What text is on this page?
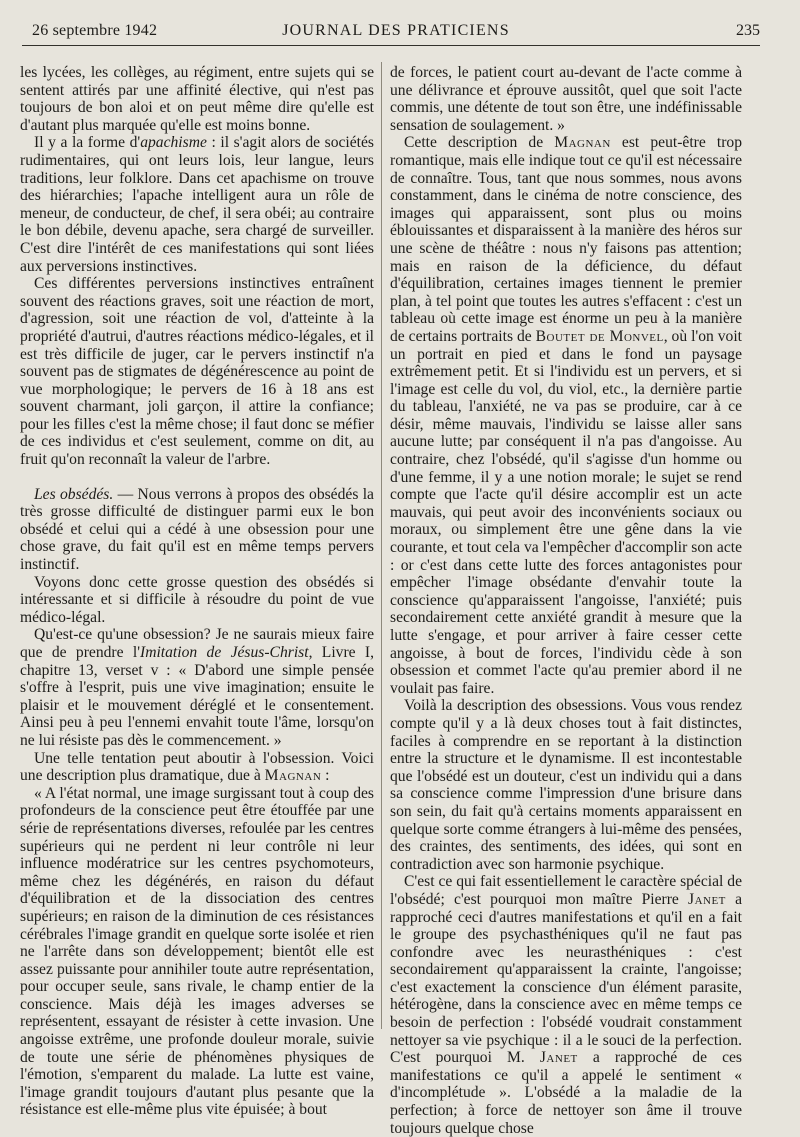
26 septembre 1942	JOURNAL DES PRATICIENS	235

les lycées, les collèges, au régiment, entre sujets qui se sentent attirés par une affinité élective, qui n'est pas toujours de bon aloi et on peut même dire qu'elle est d'autant plus marquée qu'elle est moins bonne.

Il y a la forme d'apachisme : il s'agit alors de sociétés rudimentaires, qui ont leurs lois, leur langue, leurs traditions, leur folklore. Dans cet apachisme on trouve des hiérarchies; l'apache intelligent aura un rôle de meneur, de conducteur, de chef, il sera obéi; au contraire le bon débile, devenu apache, sera chargé de surveiller. C'est dire l'intérêt de ces manifestations qui sont liées aux perversions instinctives.

Ces différentes perversions instinctives entraînent souvent des réactions graves, soit une réaction de mort, d'agression, soit une réaction de vol, d'atteinte à la propriété d'autrui, d'autres réactions médico-légales, et il est très difficile de juger, car le pervers instinctif n'a souvent pas de stigmates de dégénérescence au point de vue morphologique; le pervers de 16 à 18 ans est souvent charmant, joli garçon, il attire la confiance; pour les filles c'est la même chose; il faut donc se méfier de ces individus et c'est seulement, comme on dit, au fruit qu'on reconnaît la valeur de l'arbre.

Les obsédés. — Nous verrons à propos des obsédés la très grosse difficulté de distinguer parmi eux le bon obsédé et celui qui a cédé à une obsession pour une chose grave, du fait qu'il est en même temps pervers instinctif.

Voyons donc cette grosse question des obsédés si intéressante et si difficile à résoudre du point de vue médico-légal.

Qu'est-ce qu'une obsession? Je ne saurais mieux faire que de prendre l'Imitation de Jésus-Christ, Livre I, chapitre 13, verset v : « D'abord une simple pensée s'offre à l'esprit, puis une vive imagination; ensuite le plaisir et le mouvement déréglé et le consentement. Ainsi peu à peu l'ennemi envahit toute l'âme, lorsqu'on ne lui résiste pas dès le commencement. »

Une telle tentation peut aboutir à l'obsession. Voici une description plus dramatique, due à Magnan :

« A l'état normal, une image surgissant tout à coup des profondeurs de la conscience peut être étouffée par une série de représentations diverses, refoulée par les centres supérieurs qui ne perdent ni leur contrôle ni leur influence modératrice sur les centres psychomoteurs, même chez les dégénérés, en raison du défaut d'équilibration et de la dissociation des centres supérieurs; en raison de la diminution de ces résistances cérébrales l'image grandit en quelque sorte isolée et rien ne l'arrête dans son développement; bientôt elle est assez puissante pour annihiler toute autre représentation, pour occuper seule, sans rivale, le champ entier de la conscience. Mais déjà les images adverses se représentent, essayant de résister à cette invasion. Une angoisse extrême, une profonde douleur morale, suivie de toute une série de phénomènes physiques de l'émotion, s'emparent du malade. La lutte est vaine, l'image grandit toujours d'autant plus pesante que la résistance est elle-même plus vite épuisée; à bout

de forces, le patient court au-devant de l'acte comme à une délivrance et éprouve aussitôt, quel que soit l'acte commis, une détente de tout son être, une indéfinissable sensation de soulagement. »

Cette description de Magnan est peut-être trop romantique, mais elle indique tout ce qu'il est nécessaire de connaître. Tous, tant que nous sommes, nous avons constamment, dans le cinéma de notre conscience, des images qui apparaissent, sont plus ou moins éblouissantes et disparaissent à la manière des héros sur une scène de théâtre : nous n'y faisons pas attention; mais en raison de la déficience, du défaut d'équilibration, certaines images tiennent le premier plan, à tel point que toutes les autres s'effacent : c'est un tableau où cette image est énorme un peu à la manière de certains portraits de Boutet de Monvel, où l'on voit un portrait en pied et dans le fond un paysage extrêmement petit. Et si l'individu est un pervers, et si l'image est celle du vol, du viol, etc., la dernière partie du tableau, l'anxiété, ne va pas se produire, car à ce désir, même mauvais, l'individu se laisse aller sans aucune lutte; par conséquent il n'a pas d'angoisse. Au contraire, chez l'obsédé, qu'il s'agisse d'un homme ou d'une femme, il y a une notion morale; le sujet se rend compte que l'acte qu'il désire accomplir est un acte mauvais, qui peut avoir des inconvénients sociaux ou moraux, ou simplement être une gêne dans la vie courante, et tout cela va l'empêcher d'accomplir son acte : or c'est dans cette lutte des forces antagonistes pour empêcher l'image obsédante d'envahir toute la conscience qu'apparaissent l'angoisse, l'anxiété; puis secondairement cette anxiété grandit à mesure que la lutte s'engage, et pour arriver à faire cesser cette angoisse, à bout de forces, l'individu cède à son obsession et commet l'acte qu'au premier abord il ne voulait pas faire.

Voilà la description des obsessions. Vous vous rendez compte qu'il y a là deux choses tout à fait distinctes, faciles à comprendre en se reportant à la distinction entre la structure et le dynamisme. Il est incontestable que l'obsédé est un douteur, c'est un individu qui a dans sa conscience comme l'impression d'une brisure dans son sein, du fait qu'à certains moments apparaissent en quelque sorte comme étrangers à lui-même des pensées, des craintes, des sentiments, des idées, qui sont en contradiction avec son harmonie psychique.

C'est ce qui fait essentiellement le caractère spécial de l'obsédé; c'est pourquoi mon maître Pierre Janet a rapproché ceci d'autres manifestations et qu'il en a fait le groupe des psychasthéniques qu'il ne faut pas confondre avec les neurasthéniques : c'est secondairement qu'apparaissent la crainte, l'angoisse; c'est exactement la conscience d'un élément parasite, hétérogène, dans la conscience avec en même temps ce besoin de perfection : l'obsédé voudrait constamment nettoyer sa vie psychique : il a le souci de la perfection. C'est pourquoi M. Janet a rapproché de ces manifestations ce qu'il a appelé le sentiment « d'incomplétude ». L'obsédé a la maladie de la perfection; à force de nettoyer son âme il trouve toujours quelque chose
